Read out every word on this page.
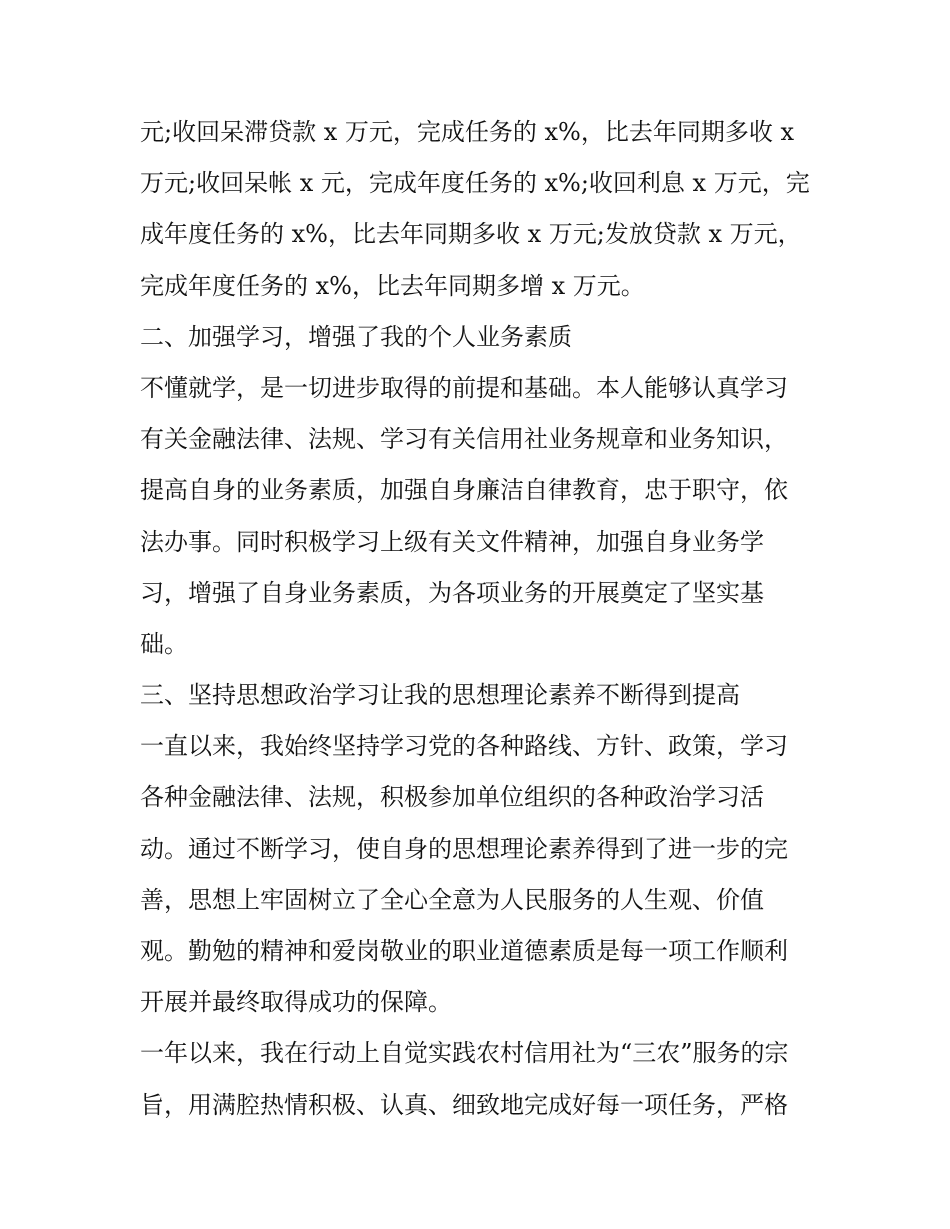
元;收回呆滞贷款 x 万元，完成任务的 x%，比去年同期多收 x
万元;收回呆帐 x 元，完成年度任务的 x%;收回利息 x 万元，完
成年度任务的 x%，比去年同期多收 x 万元;发放贷款 x 万元，
完成年度任务的 x%，比去年同期多增 x 万元。
二、加强学习，增强了我的个人业务素质
不懂就学，是一切进步取得的前提和基础。本人能够认真学习
有关金融法律、法规、学习有关信用社业务规章和业务知识，
提高自身的业务素质，加强自身廉洁自律教育，忠于职守，依
法办事。同时积极学习上级有关文件精神，加强自身业务学
习，增强了自身业务素质，为各项业务的开展奠定了坚实基
础。
三、坚持思想政治学习让我的思想理论素养不断得到提高
一直以来，我始终坚持学习党的各种路线、方针、政策，学习
各种金融法律、法规，积极参加单位组织的各种政治学习活
动。通过不断学习，使自身的思想理论素养得到了进一步的完
善，思想上牢固树立了全心全意为人民服务的人生观、价值
观。勤勉的精神和爱岗敬业的职业道德素质是每一项工作顺利
开展并最终取得成功的保障。
一年以来，我在行动上自觉实践农村信用社为“三农”服务的宗
旨，用满腔热情积极、认真、细致地完成好每一项任务，严格
